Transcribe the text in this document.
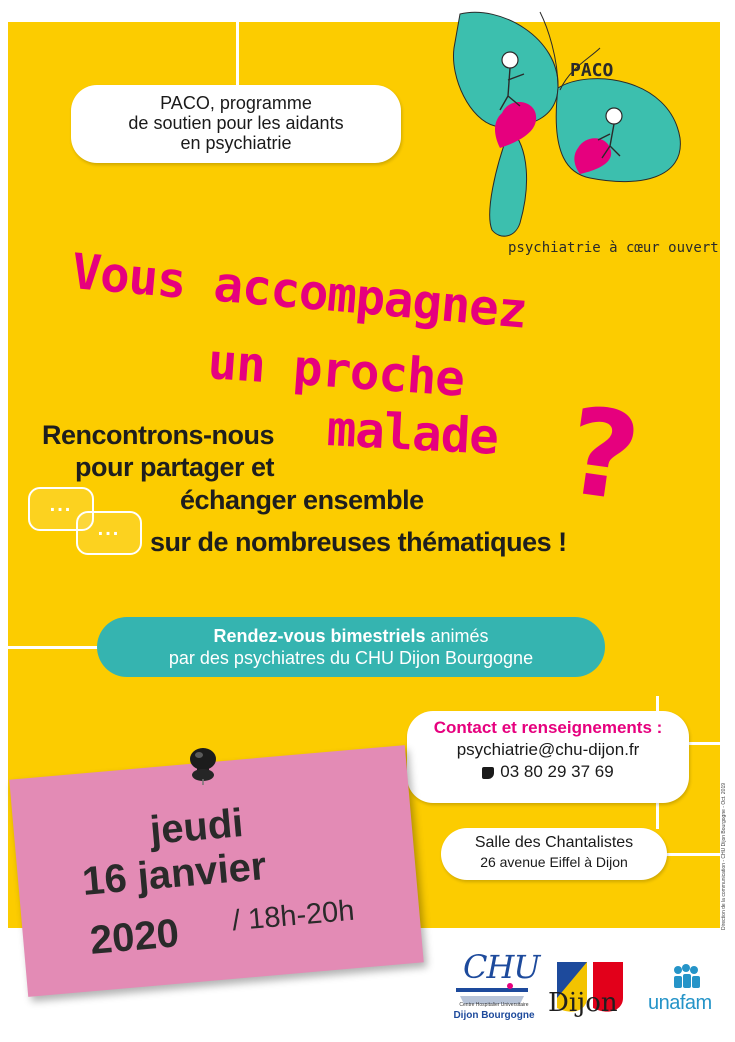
PACO, programme
de soutien pour les aidants
en psychiatrie
PACO
psychiatrie à cœur ouvert
Vous accompagnez
un proche
malade ?
Rencontrons-nous
pour partager et
échanger ensemble
sur de nombreuses thématiques !
...
...
Rendez-vous bimestriels animés
par des psychiatres du CHU Dijon Bourgogne
Contact et renseignements :
psychiatrie@chu-dijon.fr
03 80 29 37 69
Salle des Chantalistes
26 avenue Eiffel à Dijon
jeudi
16 janvier
2020 / 18h-20h	Direction de la communication - CHU Dijon Bourgogne - Oct. 2019
CHU
Centre Hospitalier Universitaire
Dijon Bourgogne Dijon unafam
